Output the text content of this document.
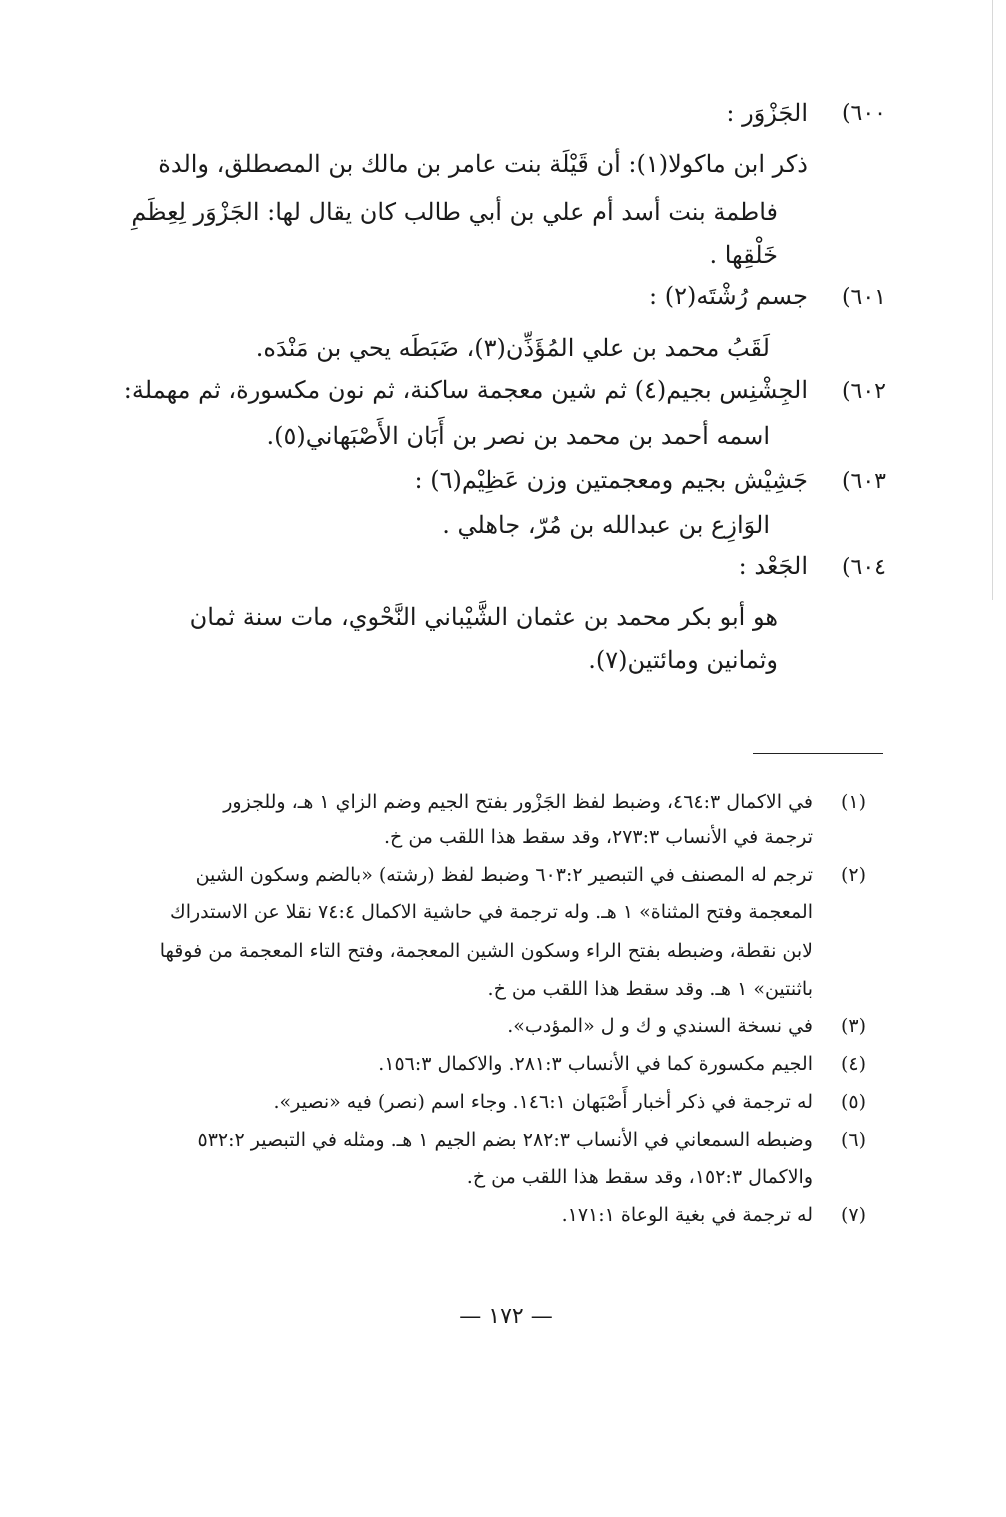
٦٠٠)
الجَزْوَر :
ذكر ابن ماكولا(١): أن قَيْلَة بنت عامر بن مالك بن المصطلق، والدة
فاطمة بنت أسد أم علي بن أبي طالب كان يقال لها: الجَزْوَر لِعِظَمِ
خَلْقِها .
٦٠١)
جسم رُشْتَه(٢) :
لَقَبُ محمد بن علي المُؤَذِّن(٣)، ضَبَطَه يحي بن مَنْدَه.
٦٠٢)
الجِشْنِس بجيم(٤) ثم شين معجمة ساكنة، ثم نون مكسورة، ثم مهملة:
اسمه أحمد بن محمد بن نصر بن أَبَان الأَصْبَهاني(٥).
٦٠٣)
جَشِيْش بجيم ومعجمتين وزن عَظِيْم(٦) :
الوَازِع بن عبدالله بن مُرّ، جاهلي .
٦٠٤)
الجَعْد :
هو أبو بكر محمد بن عثمان الشَّيْباني النَّحْوي، مات سنة ثمان
وثمانين ومائتين(٧).
(١)
في الاكمال ٤٦٤:٣، وضبط لفظ الجَزْور بفتح الجيم وضم الزاي ١ هـ، وللجزور
ترجمة في الأنساب ٢٧٣:٣، وقد سقط هذا اللقب من خ.
(٢)
ترجم له المصنف في التبصير ٦٠٣:٢ وضبط لفظ (رشته) «بالضم وسكون الشين
المعجمة وفتح المثناة» ١ هـ. وله ترجمة في حاشية الاكمال ٧٤:٤ نقلا عن الاستدراك
لابن نقطة، وضبطه بفتح الراء وسكون الشين المعجمة، وفتح التاء المعجمة من فوقها
باثنتين» ١ هـ. وقد سقط هذا اللقب من خ.
(٣)
في نسخة السندي و ك و ل «المؤدب».
(٤)
الجيم مكسورة كما في الأنساب ٢٨١:٣. والاكمال ١٥٦:٣.
(٥)
له ترجمة في ذكر أخبار أَصْبَهان ١٤٦:١. وجاء اسم (نصر) فيه «نصير».
(٦)
وضبطه السمعاني في الأنساب ٢٨٢:٣ بضم الجيم ١ هـ. ومثله في التبصير ٥٣٢:٢
والاكمال ١٥٢:٣، وقد سقط هذا اللقب من خ.
(٧)
له ترجمة في بغية الوعاة ١٧١:١.
— ١٧٢ —
